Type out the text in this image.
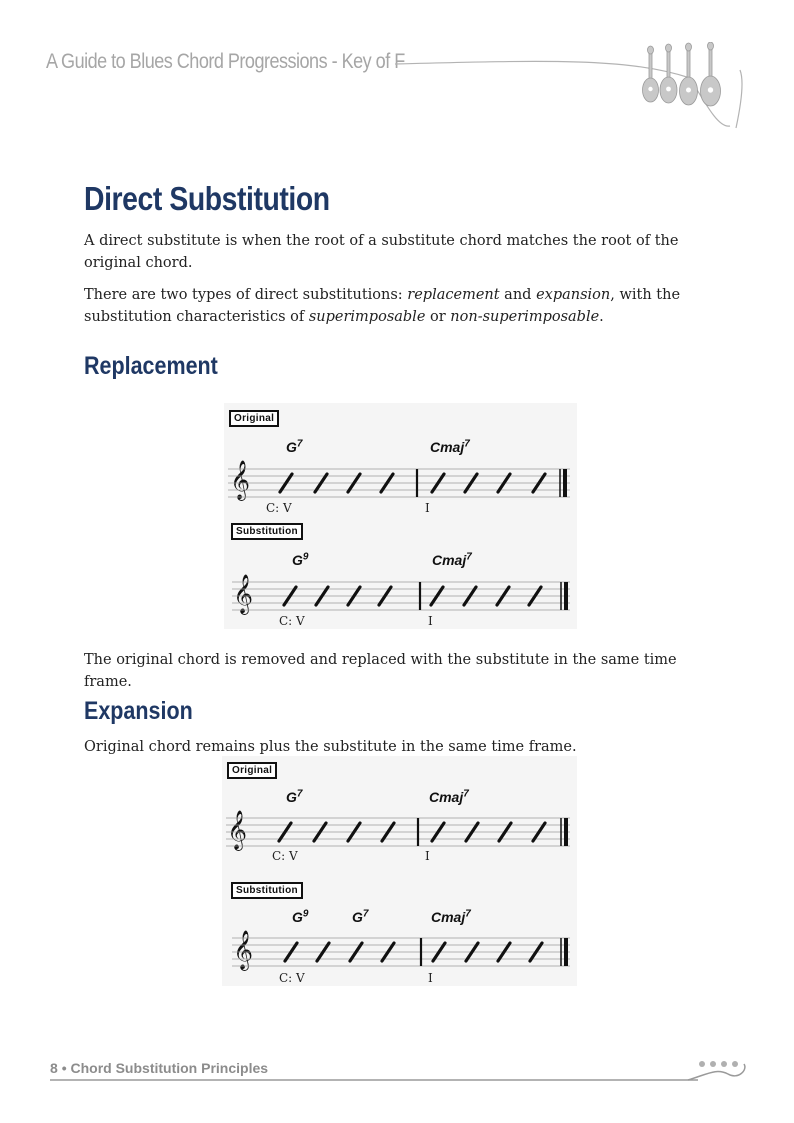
A Guide to Blues Chord Progressions - Key of F
Direct Substitution

A direct substitute is when the root of a substitute chord matches the root of the original chord.

There are two types of direct substitutions: replacement and expansion, with the substitution characteristics of superimposable or non-superimposable.

Replacement
Original
$G^7$	Cmaj$^7$
𝄞
C: V	I
Substitution
$G^9$	Cmaj$^7$
𝄞
C: V	I
The original chord is removed and replaced with the substitute in the same time frame.
Expansion
Original chord remains plus the substitute in the same time frame.
Original
$G^7$	Cmaj$^7$
𝄞
C: V	I
Substitution
$G^9$	$G^7$	Cmaj$^7$
𝄞
C: V	I
8 • Chord Substitution Principles
